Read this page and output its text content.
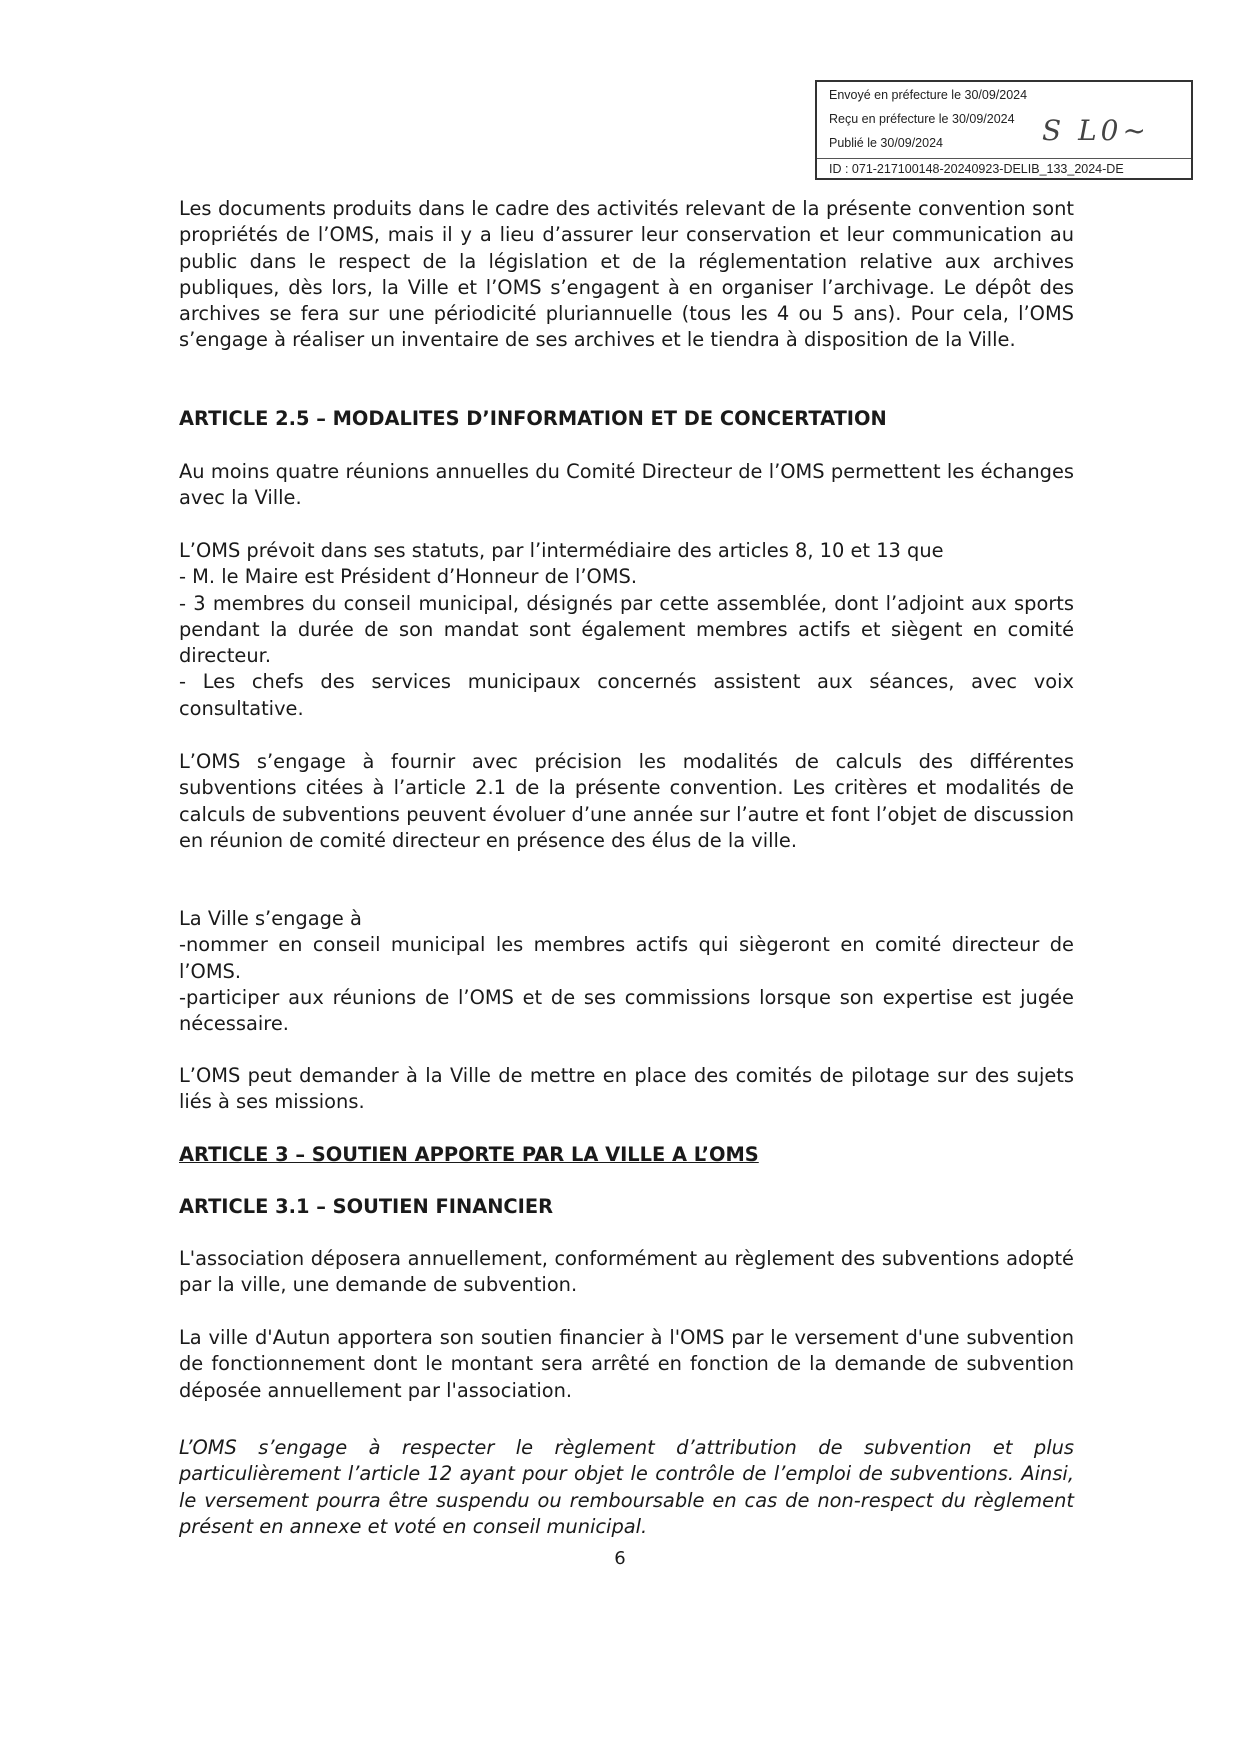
Envoyé en préfecture le 30/09/2024
Reçu en préfecture le 30/09/2024
Publié le 30/09/2024
ID : 071-217100148-20240923-DELIB_133_2024-DE
S L0~
Les documents produits dans le cadre des activités relevant de la présente convention sont propriétés de l’OMS, mais il y a lieu d’assurer leur conservation et leur communication au public dans le respect de la législation et de la réglementation relative aux archives publiques, dès lors, la Ville et l’OMS s’engagent à en organiser l’archivage. Le dépôt des archives se fera sur une périodicité pluriannuelle (tous les 4 ou 5 ans). Pour cela, l’OMS s’engage à réaliser un inventaire de ses archives et le tiendra à disposition de la Ville.
ARTICLE 2.5 – MODALITES D’INFORMATION ET DE CONCERTATION
Au moins quatre réunions annuelles du Comité Directeur de l’OMS permettent les échanges avec la Ville.

L’OMS prévoit dans ses statuts, par l’intermédiaire des articles 8, 10 et 13 que

- M. le Maire est Président d’Honneur de l’OMS.

- 3 membres du conseil municipal, désignés par cette assemblée, dont l’adjoint aux sports pendant la durée de son mandat sont également membres actifs et siègent en comité directeur.

- Les chefs des services municipaux concernés assistent aux séances, avec voix consultative.

L’OMS s’engage à fournir avec précision les modalités de calculs des différentes subventions citées à l’article 2.1 de la présente convention. Les critères et modalités de calculs de subventions peuvent évoluer d’une année sur l’autre et font l’objet de discussion en réunion de comité directeur en présence des élus de la ville.

La Ville s’engage à

-nommer en conseil municipal les membres actifs qui siègeront en comité directeur de l’OMS.

-participer aux réunions de l’OMS et de ses commissions lorsque son expertise est jugée nécessaire.

L’OMS peut demander à la Ville de mettre en place des comités de pilotage sur des sujets liés à ses missions.
ARTICLE 3 – SOUTIEN APPORTE PAR LA VILLE A L’OMS
ARTICLE 3.1 – SOUTIEN FINANCIER
L'association déposera annuellement, conformément au règlement des subventions adopté par la ville, une demande de subvention.
La ville d'Autun apportera son soutien financier à l'OMS par le versement d'une subvention de fonctionnement dont le montant sera arrêté en fonction de la demande de subvention déposée annuellement par l'association.
L’OMS s’engage à respecter le règlement d’attribution de subvention et plus particulièrement l’article 12 ayant pour objet le contrôle de l’emploi de subventions. Ainsi, le versement pourra être suspendu ou remboursable en cas de non-respect du règlement présent en annexe et voté en conseil municipal.
6
